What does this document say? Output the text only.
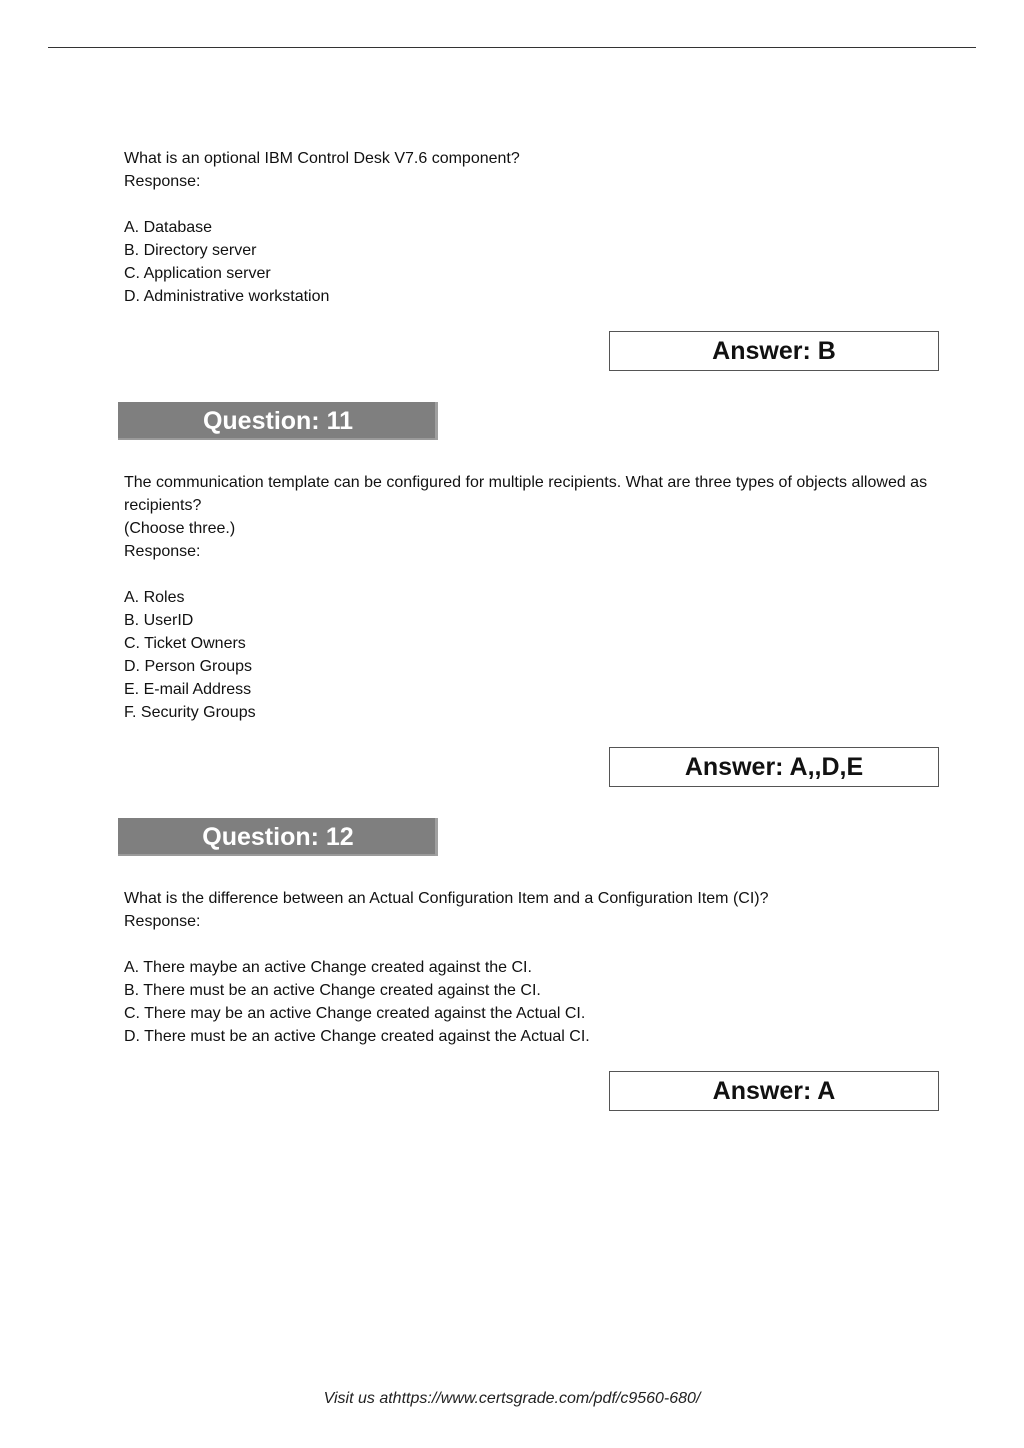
What is an optional IBM Control Desk V7.6 component?
Response:
A. Database
B. Directory server
C. Application server
D. Administrative workstation
Answer: B
Question: 11
The communication template can be configured for multiple recipients. What are three types of objects allowed as recipients?
(Choose three.)
Response:
A. Roles
B. UserID
C. Ticket Owners
D. Person Groups
E. E-mail Address
F. Security Groups
Answer: A,,D,E
Question: 12
What is the difference between an Actual Configuration Item and a Configuration Item (CI)?
Response:
A. There maybe an active Change created against the CI.
B. There must be an active Change created against the CI.
C. There may be an active Change created against the Actual CI.
D. There must be an active Change created against the Actual CI.
Answer: A
Visit us athttps://www.certsgrade.com/pdf/c9560-680/
